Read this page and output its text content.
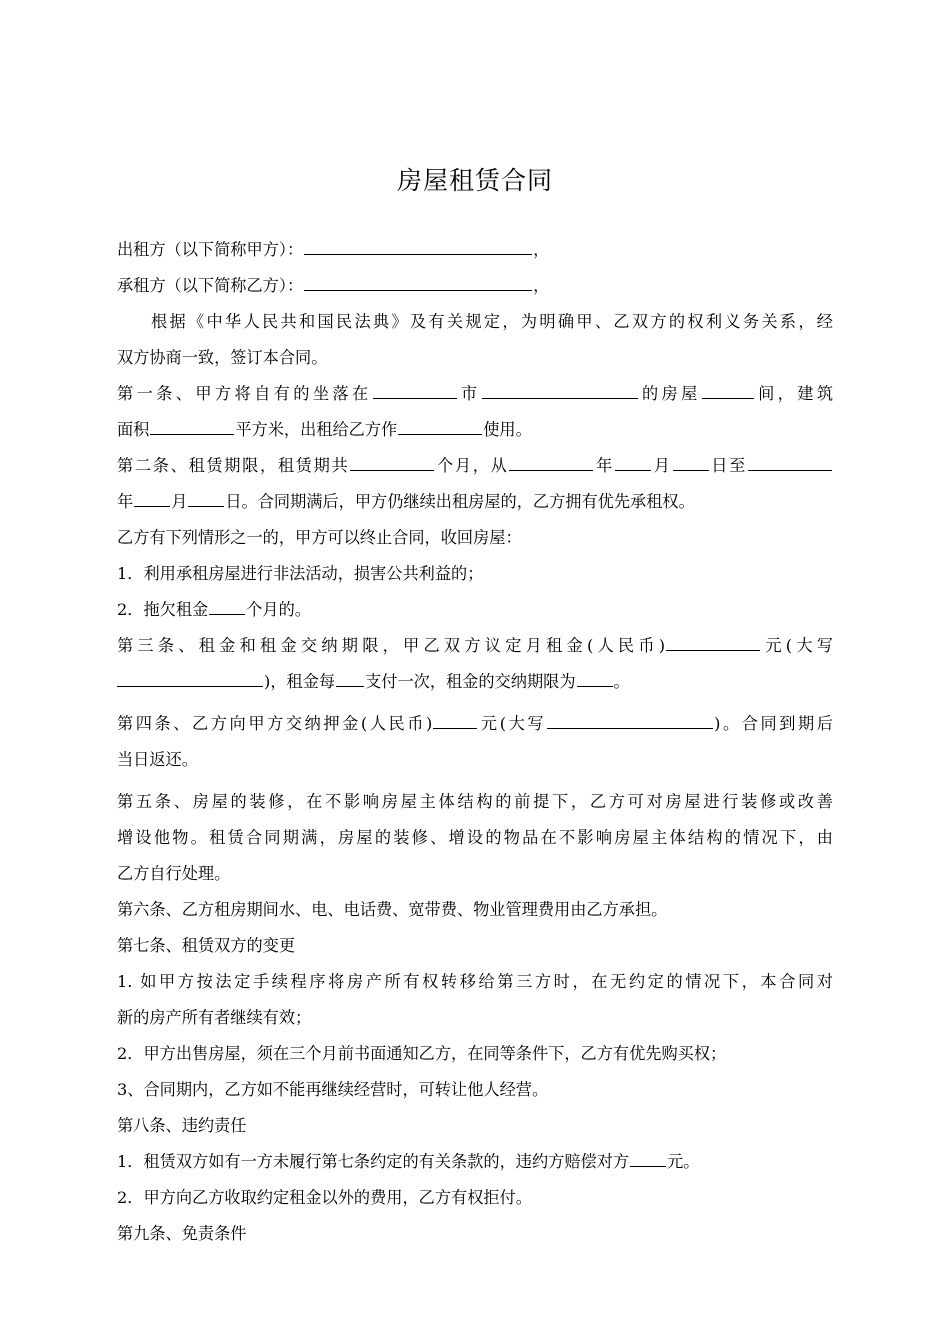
房屋租赁合同
出租方（以下简称甲方）：	，
承租方（以下简称乙方）：	，
根据《中华人民共和国民法典》及有关规定，为明确甲、乙双方的权利义务关系，经
双方协商一致，签订本合同。
第一条、甲方将自有的坐落在	市	的房屋	间，建筑
面积	平方米，出租给乙方作	使用。
第二条、租赁期限，租赁期共	个月，从	年 月 日至
年 月 日。合同期满后，甲方仍继续出租房屋的，乙方拥有优先承租权。
乙方有下列情形之一的，甲方可以终止合同，收回房屋：
1．利用承租房屋进行非法活动，损害公共利益的；
2．拖欠租金 个月的。
第三条、租金和租金交纳期限，甲乙双方议定月租金(人民币)	元(大写
)，租金每 支付一次，租金的交纳期限为 。
第四条、乙方向甲方交纳押金(人民币)	元(大写	)。合同到期后
当日返还。
第五条、房屋的装修，在不影响房屋主体结构的前提下，乙方可对房屋进行装修或改善
增设他物。租赁合同期满，房屋的装修、增设的物品在不影响房屋主体结构的情况下，由
乙方自行处理。
第六条、乙方租房期间水、电、电话费、宽带费、物业管理费用由乙方承担。
第七条、租赁双方的变更
1. 如甲方按法定手续程序将房产所有权转移给第三方时，在无约定的情况下，本合同对
新的房产所有者继续有效；
2．甲方出售房屋，须在三个月前书面通知乙方，在同等条件下，乙方有优先购买权；
3、合同期内，乙方如不能再继续经营时，可转让他人经营。
第八条、违约责任
1．租赁双方如有一方未履行第七条约定的有关条款的，违约方赔偿对方 元。
2．甲方向乙方收取约定租金以外的费用，乙方有权拒付。
第九条、免责条件
